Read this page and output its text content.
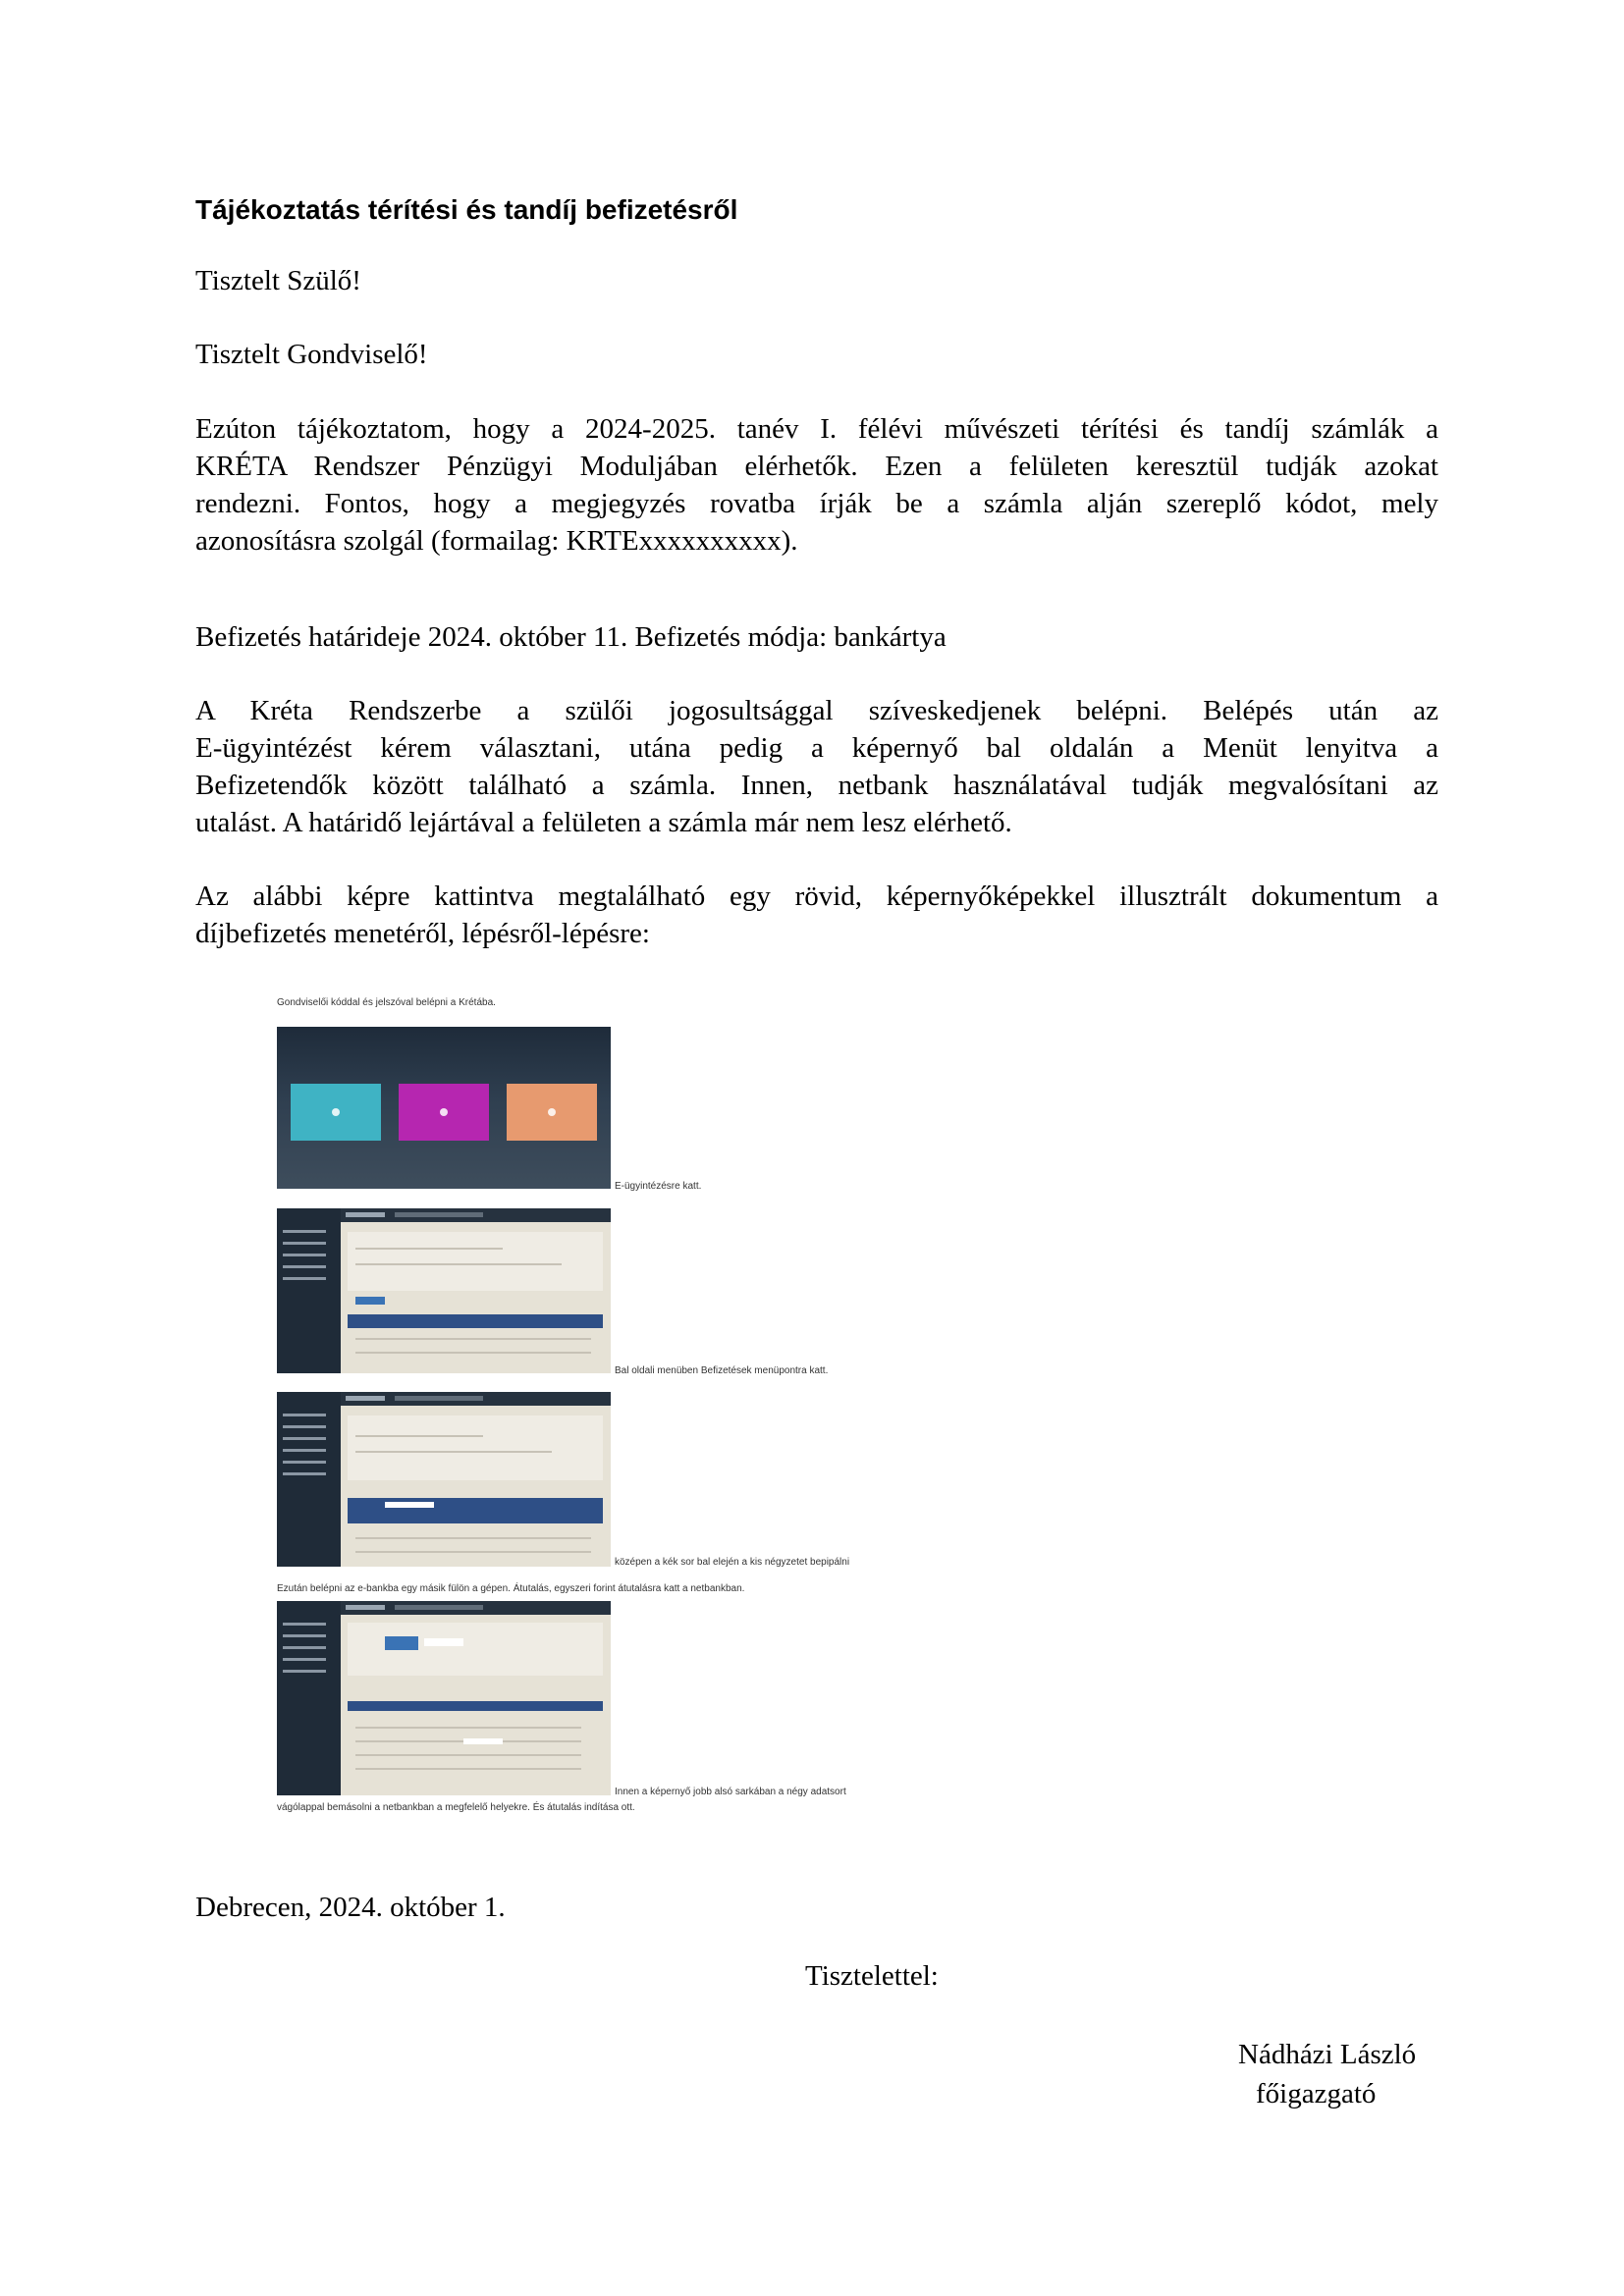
Tájékoztatás térítési és tandíj befizetésről
Tisztelt Szülő!
Tisztelt Gondviselő!
Ezúton tájékoztatom, hogy a 2024-2025. tanév I. félévi művészeti térítési és tandíj számlák a
KRÉTA Rendszer Pénzügyi Moduljában elérhetők. Ezen a felületen keresztül tudják azokat
rendezni. Fontos, hogy a megjegyzés rovatba írják be a számla alján szereplő kódot, mely
azonosításra szolgál (formailag: KRTExxxxxxxxxx).
Befizetés határideje 2024. október 11. Befizetés módja: bankártya
A Kréta Rendszerbe a szülői jogosultsággal szíveskedjenek belépni. Belépés után az
E-ügyintézést kérem választani, utána pedig a képernyő bal oldalán a Menüt lenyitva a
Befizetendők között található a számla. Innen, netbank használatával tudják megvalósítani az
utalást. A határidő lejártával a felületen a számla már nem lesz elérhető.
Az alábbi képre kattintva megtalálható egy rövid, képernyőképekkel illusztrált dokumentum a
díjbefizetés menetéről, lépésről-lépésre:
Gondviselői kóddal és jelszóval belépni a Krétába.
E-ügyintézésre katt.
Bal oldali menüben Befizetések menüpontra katt.
középen a kék sor bal elején a kis négyzetet bepipálni
Ezután belépni az e-bankba egy másik fülön a gépen. Átutalás, egyszeri forint átutalásra katt a netbankban.
Innen a képernyő jobb alsó sarkában a négy adatsort
vágólappal bemásolni a netbankban a megfelelő helyekre. És átutalás indítása ott.
Debrecen, 2024. október 1.
Tisztelettel:
Nádházi László
főigazgató
